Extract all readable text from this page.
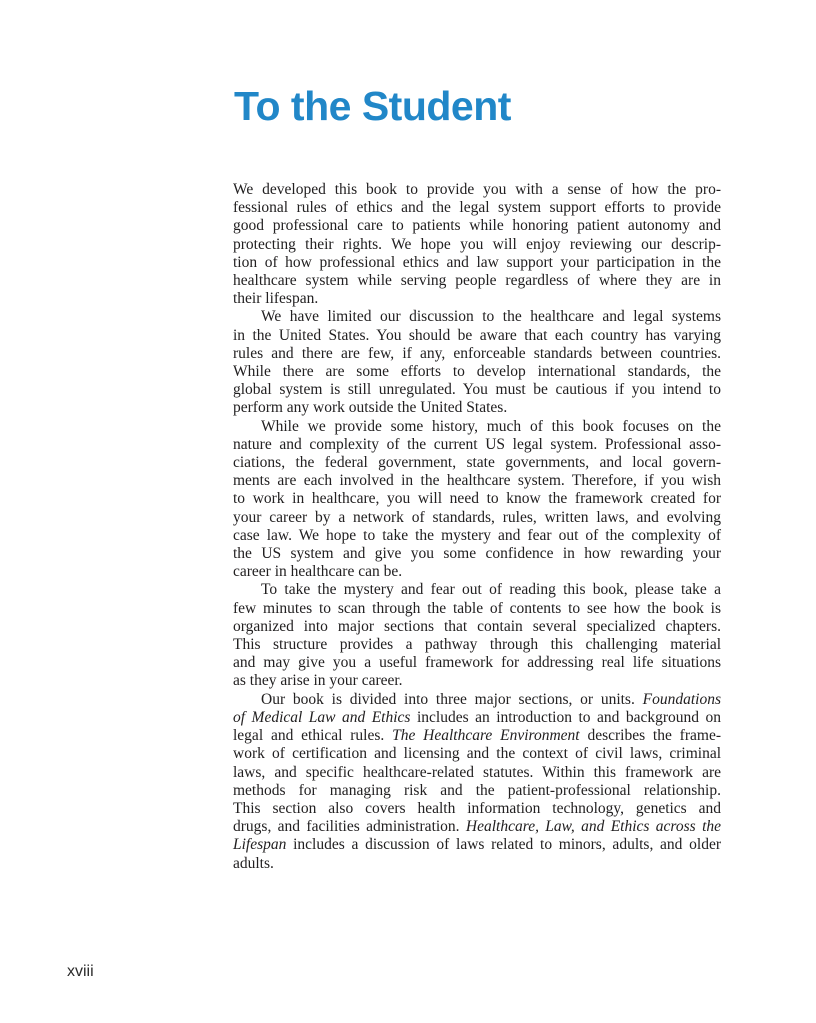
To the Student
We developed this book to provide you with a sense of how the pro-
fessional rules of ethics and the legal system support efforts to provide
good professional care to patients while honoring patient autonomy and
protecting their rights. We hope you will enjoy reviewing our descrip-
tion of how professional ethics and law support your participation in the
healthcare system while serving people regardless of where they are in
their lifespan.
We have limited our discussion to the healthcare and legal systems
in the United States. You should be aware that each country has varying
rules and there are few, if any, enforceable standards between countries.
While there are some efforts to develop international standards, the
global system is still unregulated. You must be cautious if you intend to
perform any work outside the United States.
While we provide some history, much of this book focuses on the
nature and complexity of the current US legal system. Professional asso-
ciations, the federal government, state governments, and local govern-
ments are each involved in the healthcare system. Therefore, if you wish
to work in healthcare, you will need to know the framework created for
your career by a network of standards, rules, written laws, and evolving
case law. We hope to take the mystery and fear out of the complexity of
the US system and give you some confidence in how rewarding your
career in healthcare can be.
To take the mystery and fear out of reading this book, please take a
few minutes to scan through the table of contents to see how the book is
organized into major sections that contain several specialized chapters.
This structure provides a pathway through this challenging material
and may give you a useful framework for addressing real life situations
as they arise in your career.
Our book is divided into three major sections, or units. Foundations
of Medical Law and Ethics includes an introduction to and background on
legal and ethical rules. The Healthcare Environment describes the frame-
work of certification and licensing and the context of civil laws, criminal
laws, and specific healthcare-related statutes. Within this framework are
methods for managing risk and the patient-professional relationship.
This section also covers health information technology, genetics and
drugs, and facilities administration. Healthcare, Law, and Ethics across the
Lifespan includes a discussion of laws related to minors, adults, and older
adults.
xviii
